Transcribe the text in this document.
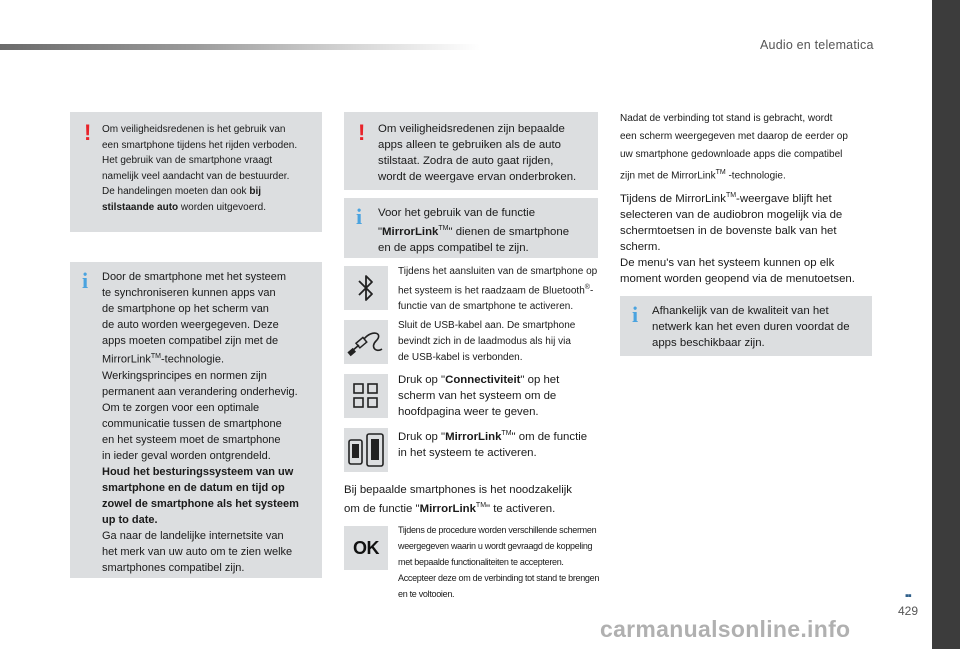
Audio en telematica
▪▪
429
carmanualsonline.info
! Om veiligheidsredenen is het gebruik van

een smartphone tijdens het rijden verboden.

Het gebruik van de smartphone vraagt

namelijk veel aandacht van de bestuurder.

De handelingen moeten dan ook bij

stilstaande auto worden uitgevoerd.

i Door de smartphone met het systeem

te synchroniseren kunnen apps van

de smartphone op het scherm van

de auto worden weergegeven. Deze

apps moeten compatibel zijn met de

MirrorLink™-technologie.

Werkingsprincipes en normen zijn

permanent aan verandering onderhevig.

Om te zorgen voor een optimale

communicatie tussen de smartphone

en het systeem moet de smartphone

in ieder geval worden ontgrendeld.

Houd het besturingssysteem van uw

smartphone en de datum en tijd op

zowel de smartphone als het systeem

up to date.

Ga naar de landelijke internetsite van

het merk van uw auto om te zien welke

smartphones compatibel zijn.

! Om veiligheidsredenen zijn bepaalde

apps alleen te gebruiken als de auto

stilstaat. Zodra de auto gaat rijden,

wordt de weergave ervan onderbroken.

i Voor het gebruik van de functie

"MirrorLink™" dienen de smartphone

en de apps compatibel te zijn.

Tijdens het aansluiten van de smartphone op

het systeem is het raadzaam de Bluetooth®-

functie van de smartphone te activeren.

Sluit de USB-kabel aan. De smartphone

bevindt zich in de laadmodus als hij via

de USB-kabel is verbonden.

Druk op "Connectiviteit" op het

scherm van het systeem om de

hoofdpagina weer te geven.

Druk op "MirrorLink™" om de functie

in het systeem te activeren.

Bij bepaalde smartphones is het noodzakelijk

om de functie "MirrorLink™" te activeren.

OK

Tijdens de procedure worden verschillende schermen

weergegeven waarin u wordt gevraagd de koppeling

met bepaalde functionaliteiten te accepteren.

Accepteer deze om de verbinding tot stand te brengen

en te voltooien.

Nadat de verbinding tot stand is gebracht, wordt

een scherm weergegeven met daarop de eerder op

uw smartphone gedownloade apps die compatibel

zijn met de MirrorLink™ -technologie.

Tijdens de MirrorLink™-weergave blijft het

selecteren van de audiobron mogelijk via de

schermtoetsen in de bovenste balk van het

scherm.

De menu's van het systeem kunnen op elk

moment worden geopend via de menutoetsen.

i Afhankelijk van de kwaliteit van het

netwerk kan het even duren voordat de

apps beschikbaar zijn.
